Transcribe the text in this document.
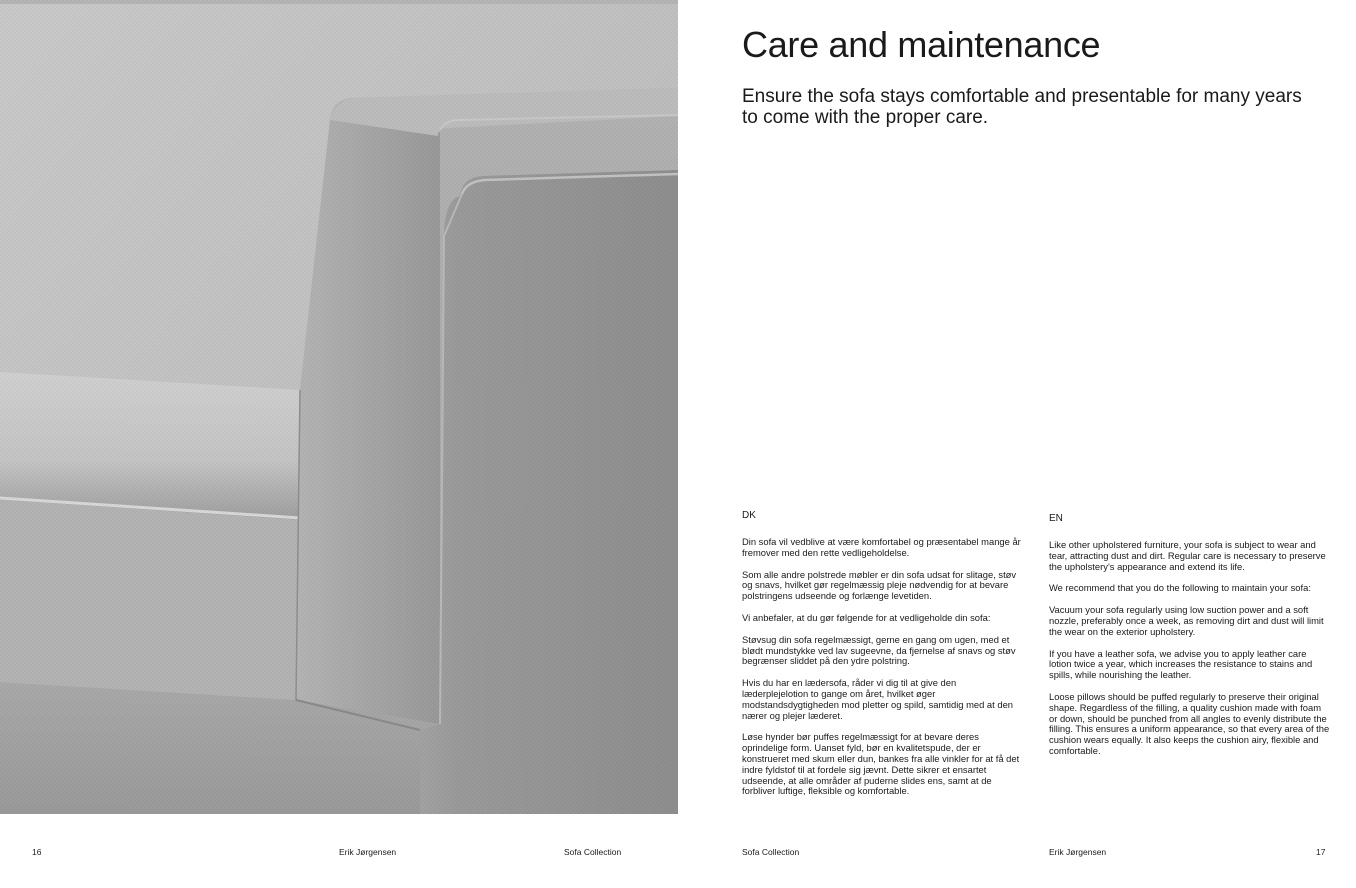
Care and maintenance

Ensure the sofa stays comfortable and presentable for many years to come with the proper care.

DK

Din sofa vil vedblive at være komfortabel og præsentabel mange år fremover med den rette vedligeholdelse.

Som alle andre polstrede møbler er din sofa udsat for slitage, støv og snavs, hvilket gør regelmæssig pleje nødvendig for at bevare polstringens udseende og forlænge levetiden.

Vi anbefaler, at du gør følgende for at vedligeholde din sofa:

Støvsug din sofa regelmæssigt, gerne en gang om ugen, med et blødt mundstykke ved lav sugeevne, da fjernelse af snavs og støv begrænser sliddet på den ydre polstring.

Hvis du har en lædersofa, råder vi dig til at give den læderplejelotion to gange om året, hvilket øger modstandsdygtigheden mod pletter og spild, samtidig med at den nærer og plejer læderet.

Løse hynder bør puffes regelmæssigt for at bevare deres oprindelige form. Uanset fyld, bør en kvalitetspude, der er konstrueret med skum eller dun, bankes fra alle vinkler for at få det indre fyldstof til at fordele sig jævnt. Dette sikrer et ensartet udseende, at alle områder af puderne slides ens, samt at de forbliver luftige, fleksible og komfortable.

EN

Like other upholstered furniture, your sofa is subject to wear and tear, attracting dust and dirt. Regular care is necessary to preserve the upholstery’s appearance and extend its life.

We recommend that you do the following to maintain your sofa:

Vacuum your sofa regularly using low suction power and a soft nozzle, preferably once a week, as removing dirt and dust will limit the wear on the exterior upholstery.

If you have a leather sofa, we advise you to apply leather care lotion twice a year, which increases the resistance to stains and spills, while nourishing the leather.

Loose pillows should be puffed regularly to preserve their original shape. Regardless of the filling, a quality cushion made with foam or down, should be punched from all angles to evenly distribute the filling. This ensures a uniform appearance, so that every area of the cushion wears equally. It also keeps the cushion airy, flexible and comfortable.

16	Erik Jørgensen	Sofa Collection	Sofa Collection	Erik Jørgensen	17
